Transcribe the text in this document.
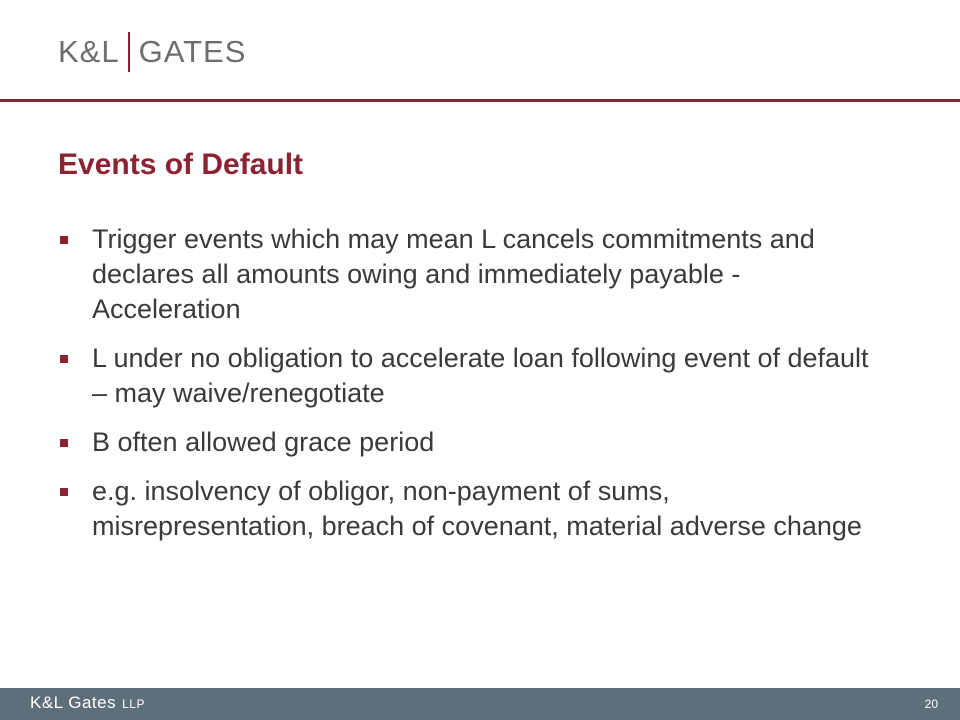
K&L GATES
Events of Default
Trigger events which may mean L cancels commitments and declares all amounts owing and immediately payable - Acceleration
L under no obligation to accelerate loan following event of default – may waive/renegotiate
B often allowed grace period
e.g. insolvency of obligor, non-payment of sums, misrepresentation, breach of covenant, material adverse change
K&L Gates LLP	20
